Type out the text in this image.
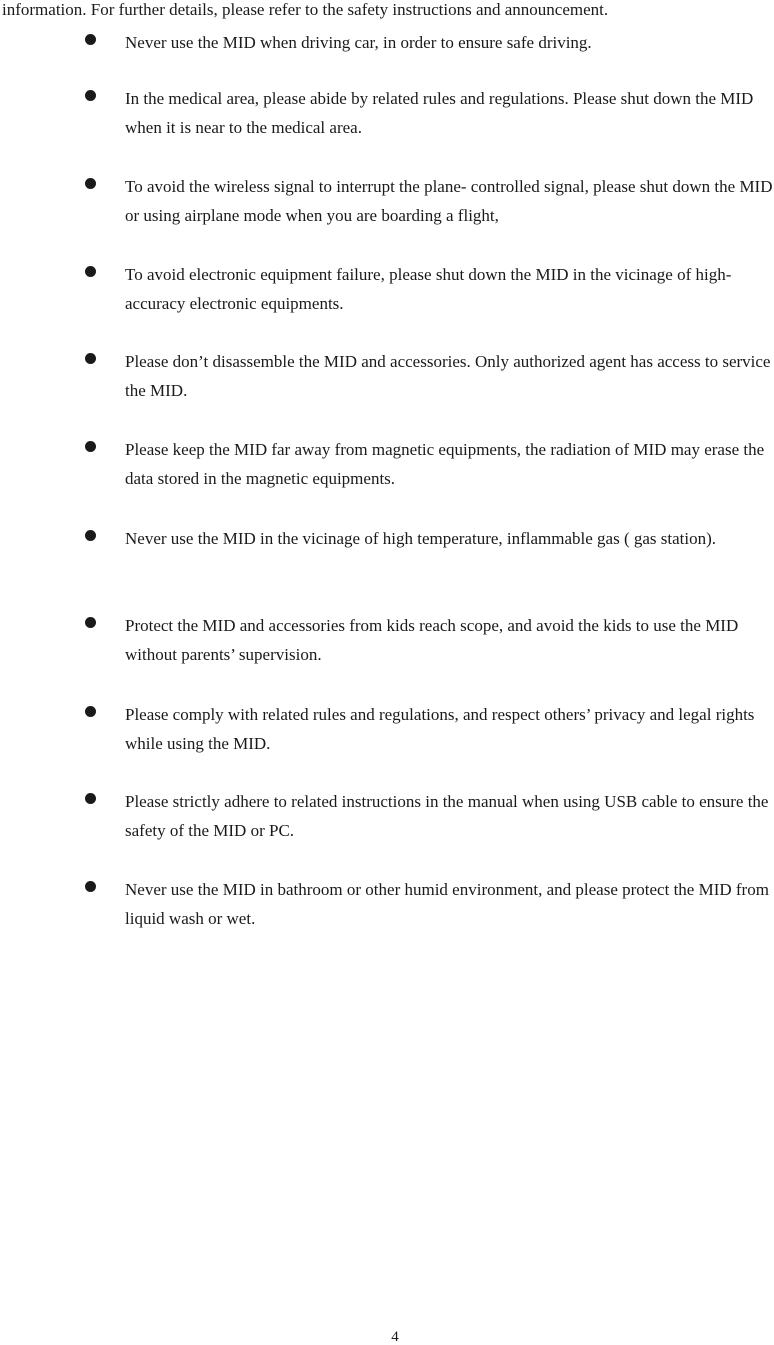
information. For further details, please refer to the safety instructions and announcement.
Never use the MID when driving car, in order to ensure safe driving.
In the medical area, please abide by related rules and regulations. Please shut down the MID when it is near to the medical area.
To avoid the wireless signal to interrupt the plane- controlled signal, please shut down the MID or using airplane mode when you are boarding a flight,
To avoid electronic equipment failure, please shut down the MID in the vicinage of high-accuracy electronic equipments.
Please don’t disassemble the MID and accessories. Only authorized agent has access to service the MID.
Please keep the MID far away from magnetic equipments, the radiation of MID may erase the data stored in the magnetic equipments.
Never use the MID in the vicinage of high temperature, inflammable gas ( gas station).
Protect the MID and accessories from kids reach scope, and avoid the kids to use the MID without parents’ supervision.
Please comply with related rules and regulations, and respect others’ privacy and legal rights while using the MID.
Please strictly adhere to related instructions in the manual when using USB cable to ensure the safety of the MID or PC.
Never use the MID in bathroom or other humid environment, and please protect the MID from liquid wash or wet.
4
